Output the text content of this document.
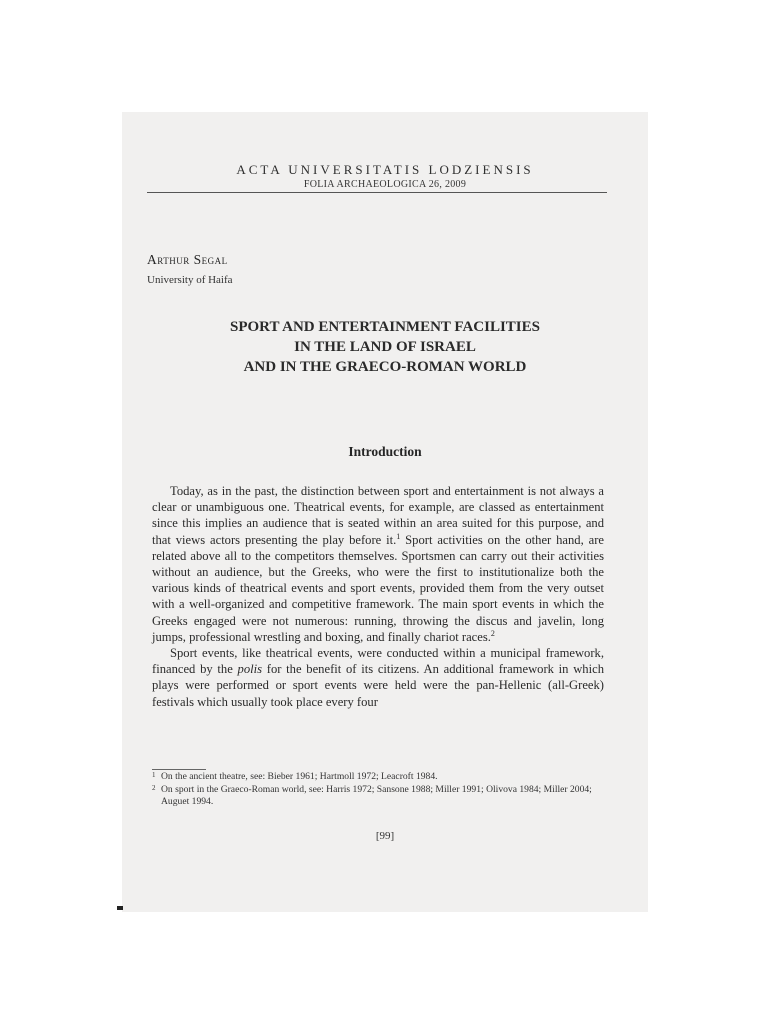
ACTA UNIVERSITATIS LODZIENSIS
FOLIA ARCHAEOLOGICA 26, 2009
Arthur Segal
University of Haifa
SPORT AND ENTERTAINMENT FACILITIES
IN THE LAND OF ISRAEL
AND IN THE GRAECO-ROMAN WORLD
Introduction

Today, as in the past, the distinction between sport and entertainment is not always a clear or unambiguous one. Theatrical events, for example, are classed as entertainment since this implies an audience that is seated within an area suited for this purpose, and that views actors presenting the play before it.$^1$ Sport activities on the other hand, are related above all to the competitors themselves. Sportsmen can carry out their activities without an audience, but the Greeks, who were the first to institutionalize both the various kinds of theatrical events and sport events, provided them from the very outset with a well-organized and competitive framework. The main sport events in which the Greeks engaged were not numerous: running, throwing the discus and javelin, long jumps, professional wrestling and boxing, and finally chariot races.$^2$

Sport events, like theatrical events, were conducted within a municipal framework, financed by the polis for the benefit of its citizens. An additional framework in which plays were performed or sport events were held were the pan-Hellenic (all-Greek) festivals which usually took place every four

1 On the ancient theatre, see: Bieber 1961; Hartmoll 1972; Leacroft 1984.
2 On sport in the Graeco-Roman world, see: Harris 1972; Sansone 1988; Miller 1991; Olivova 1984; Miller 2004; Auguet 1994.
[99]
